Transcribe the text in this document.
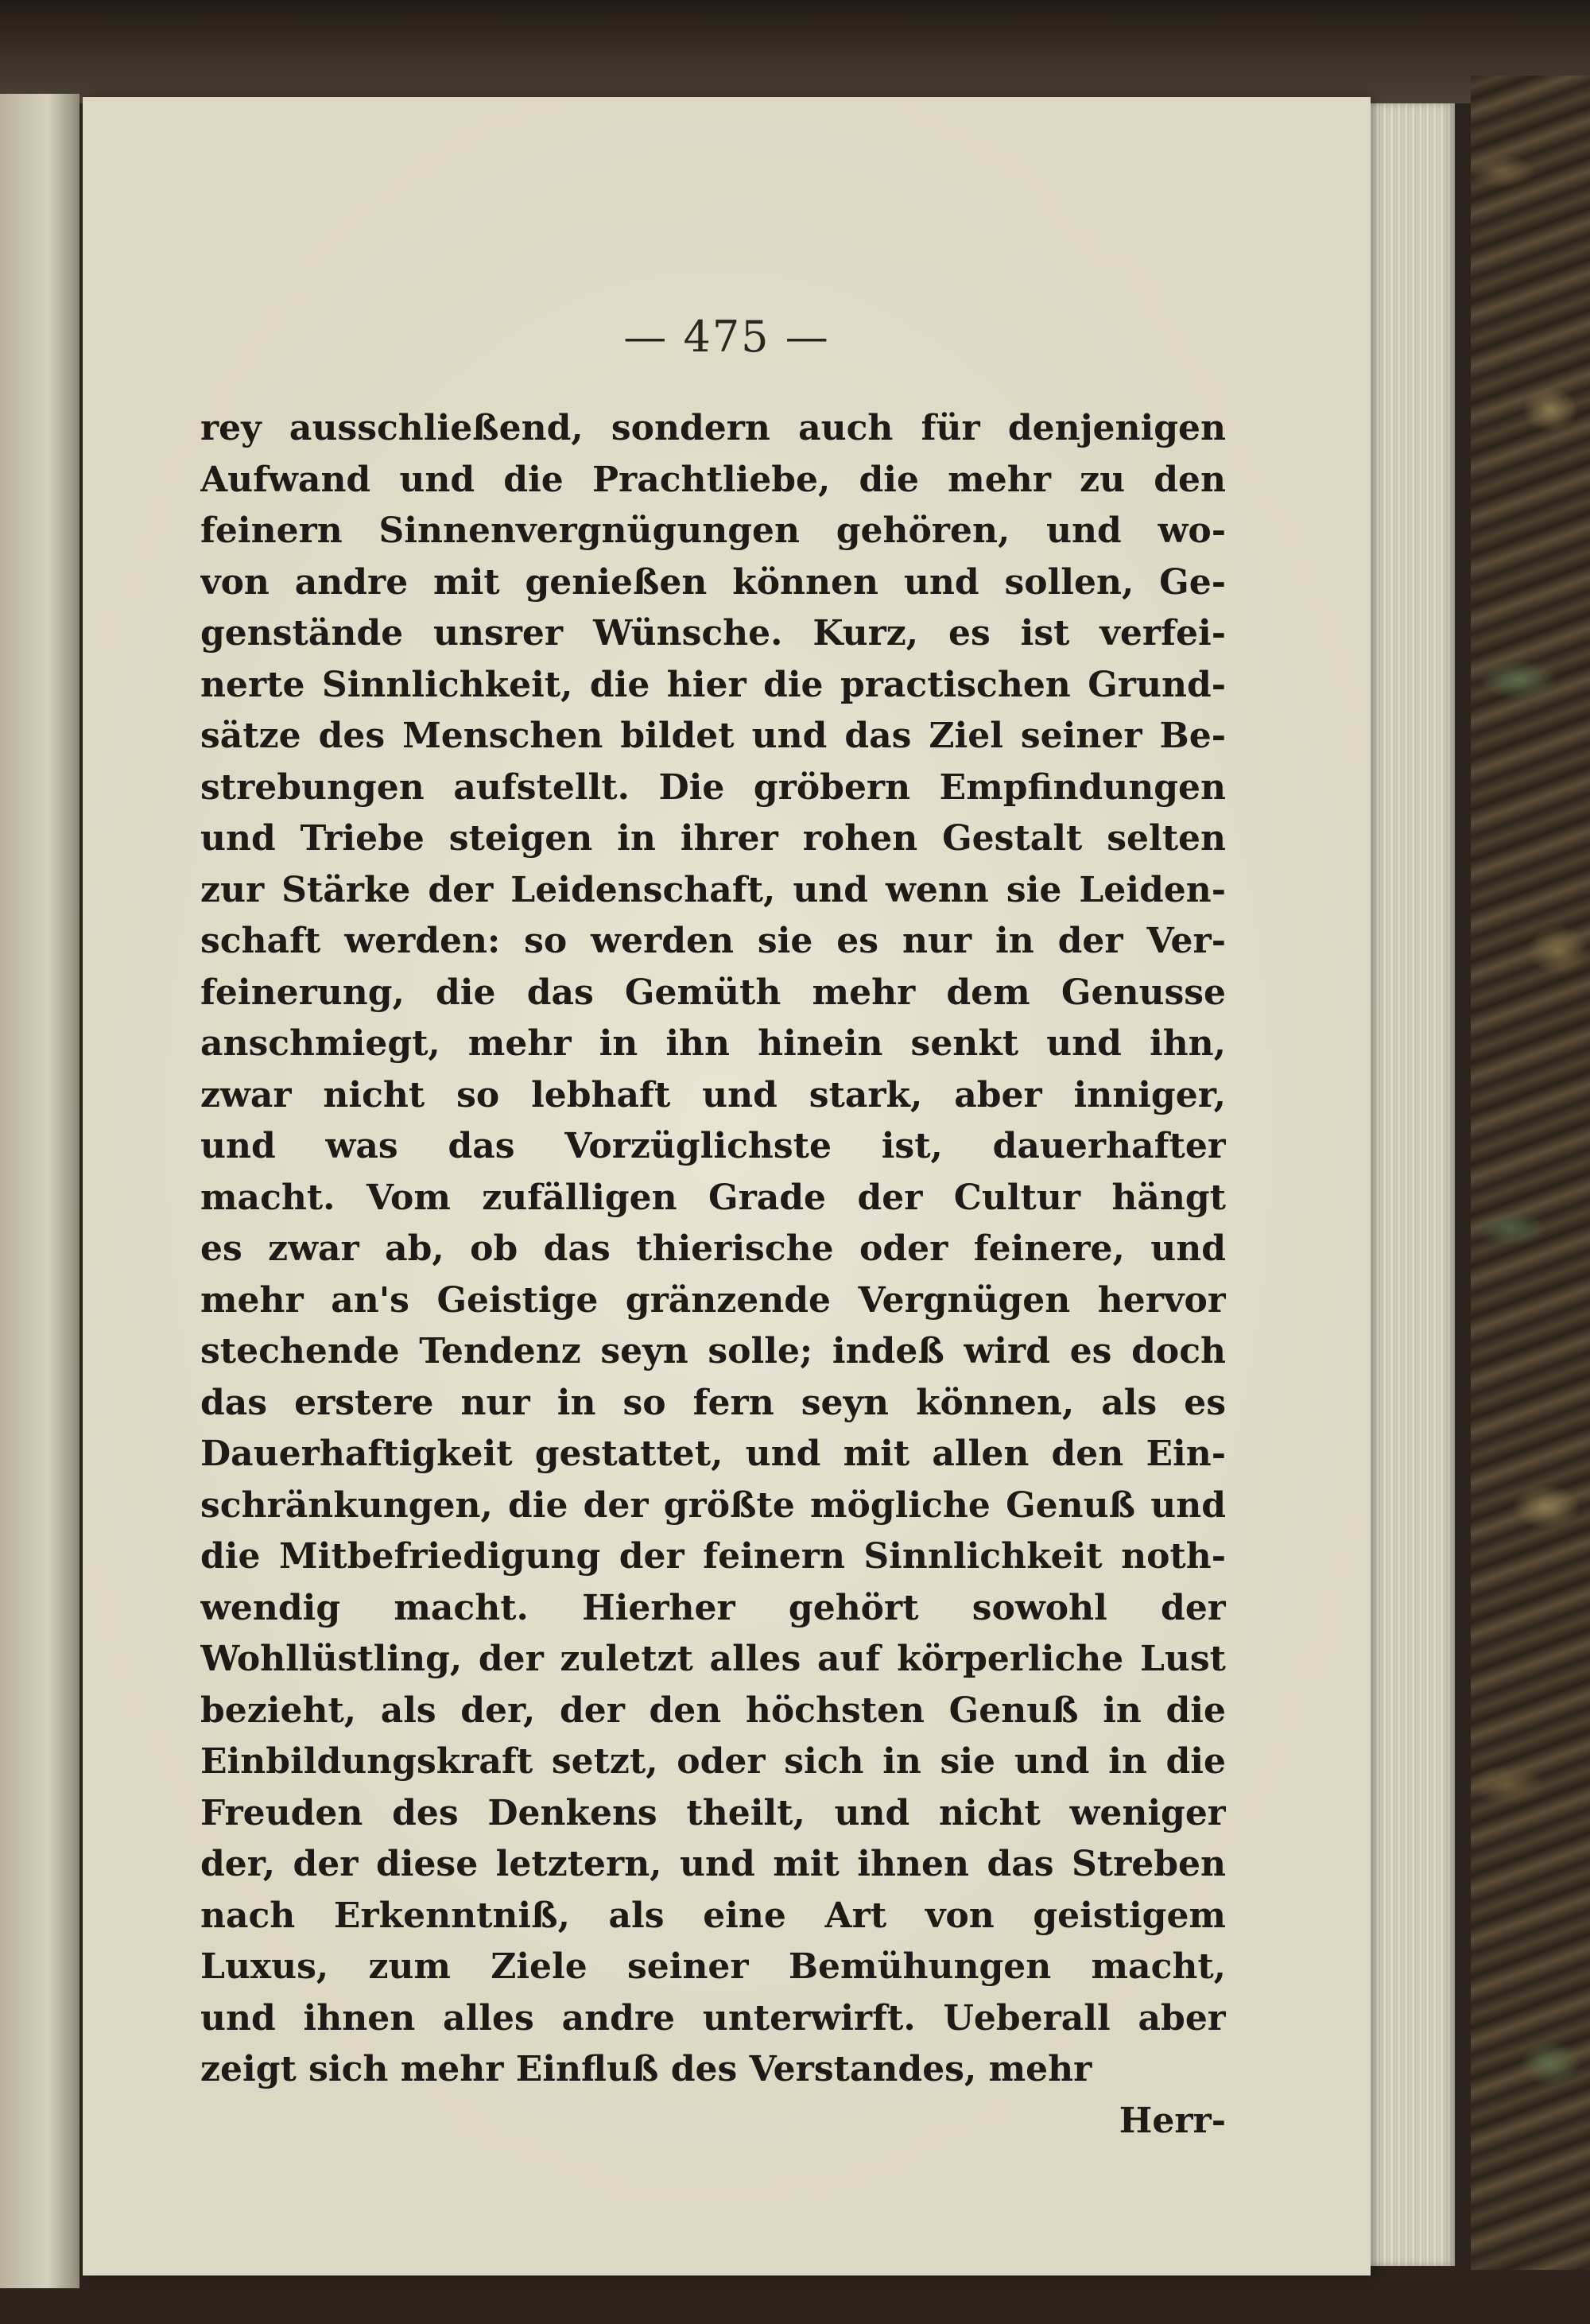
— 475 —
rey ausschließend, sondern auch für denjenigen
Aufwand und die Prachtliebe, die mehr zu den
feinern Sinnenvergnügungen gehören, und wo-
von andre mit genießen können und sollen, Ge-
genstände unsrer Wünsche. Kurz, es ist verfei-
nerte Sinnlichkeit, die hier die practischen Grund-
sätze des Menschen bildet und das Ziel seiner Be-
strebungen aufstellt. Die gröbern Empfindungen
und Triebe steigen in ihrer rohen Gestalt selten
zur Stärke der Leidenschaft, und wenn sie Leiden-
schaft werden: so werden sie es nur in der Ver-
feinerung, die das Gemüth mehr dem Genusse
anschmiegt, mehr in ihn hinein senkt und ihn,
zwar nicht so lebhaft und stark, aber inniger,
und was das Vorzüglichste ist, dauerhafter
macht. Vom zufälligen Grade der Cultur hängt
es zwar ab, ob das thierische oder feinere, und
mehr an's Geistige gränzende Vergnügen hervor
stechende Tendenz seyn solle; indeß wird es doch
das erstere nur in so fern seyn können, als es
Dauerhaftigkeit gestattet, und mit allen den Ein-
schränkungen, die der größte mögliche Genuß und
die Mitbefriedigung der feinern Sinnlichkeit noth-
wendig macht. Hierher gehört sowohl der
Wohllüstling, der zuletzt alles auf körperliche Lust
bezieht, als der, der den höchsten Genuß in die
Einbildungskraft setzt, oder sich in sie und in die
Freuden des Denkens theilt, und nicht weniger
der, der diese letztern, und mit ihnen das Streben
nach Erkenntniß, als eine Art von geistigem
Luxus, zum Ziele seiner Bemühungen macht,
und ihnen alles andre unterwirft. Ueberall aber
zeigt sich mehr Einfluß des Verstandes, mehr
Herr-
